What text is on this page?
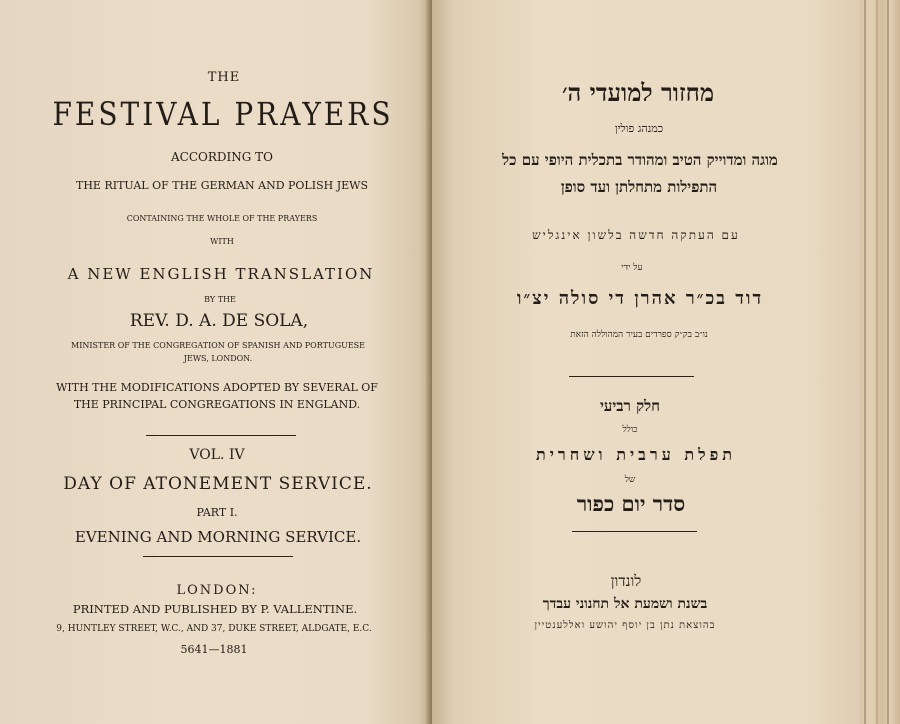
THE
FESTIVAL PRAYERS
ACCORDING TO
THE RITUAL OF THE GERMAN AND POLISH JEWS
CONTAINING THE WHOLE OF THE PRAYERS
WITH
A NEW ENGLISH TRANSLATION
BY THE
REV. D. A. DE SOLA,
MINISTER OF THE CONGREGATION OF SPANISH AND PORTUGUESE
JEWS, LONDON.
WITH THE MODIFICATIONS ADOPTED BY SEVERAL OF
THE PRINCIPAL CONGREGATIONS IN ENGLAND.
VOL. IV
DAY OF ATONEMENT SERVICE.
PART I.
EVENING AND MORNING SERVICE.
LONDON:
PRINTED AND PUBLISHED BY P. VALLENTINE.
9, HUNTLEY STREET, W.C., AND 37, DUKE STREET, ALDGATE, E.C.
5641—1881
מחזור למועדי ה׳
כמנהג פולין
מוגה ומדוייק הטיב ומהודר בתכלית היופי עם כל
התפילות מתחלתן ועד סופן
עם העתקה חדשה בלשון אינגליש
על ידי
דוד בכ״ר אהרן די סולה יצ״ו
נו״ב בק״ק ספרדים בעיר המהוללה הזאת
חלק רביעי
כולל
תפלת ערבית ושחרית
של
סדר יום כפור
לונדון
בשנת ושמעת אל תחנוני עבדך
בהוצאת נתן בן יוסף יהושע ואללענטיין
